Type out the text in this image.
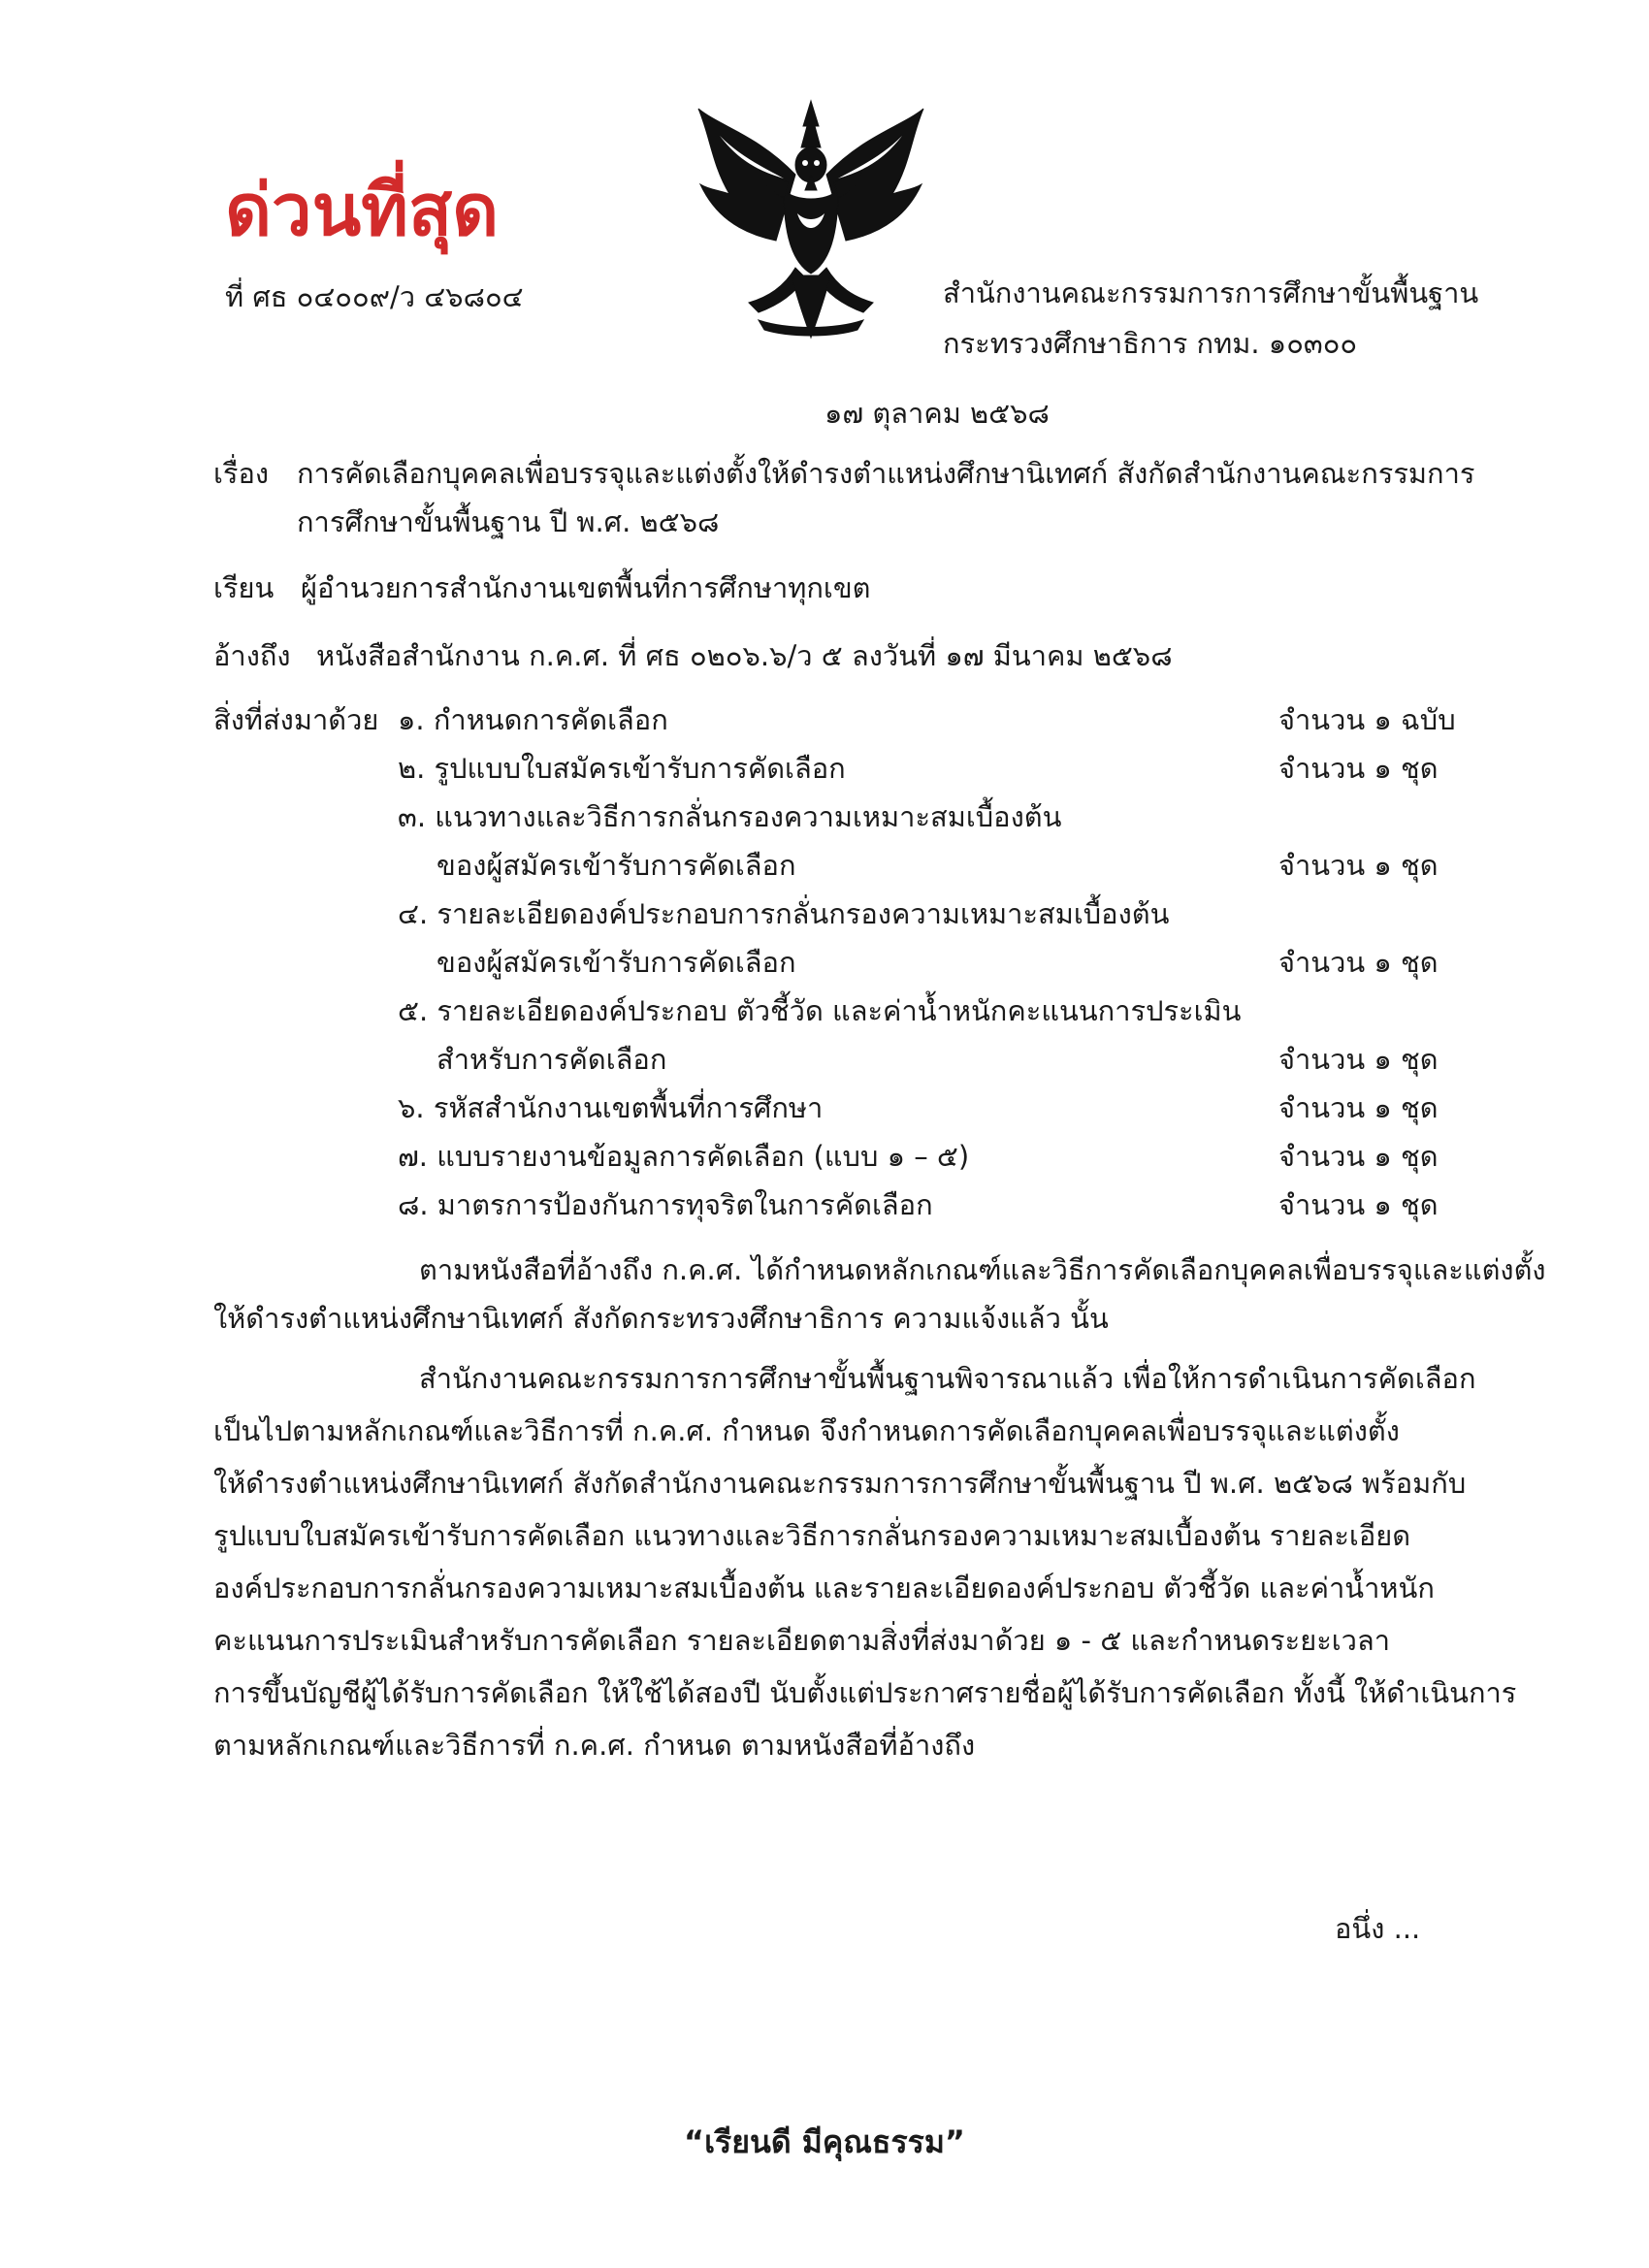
ด่วนที่สุด
ที่ ศธ ๐๔๐๐๙/ว ๔๖๘๐๔	สำนักงานคณะกรรมการการศึกษาขั้นพื้นฐาน
กระทรวงศึกษาธิการ กทม. ๑๐๓๐๐
๑๗ ตุลาคม ๒๕๖๘
เรื่อง การคัดเลือกบุคคลเพื่อบรรจุและแต่งตั้งให้ดำรงตำแหน่งศึกษานิเทศก์ สังกัดสำนักงานคณะกรรมการ
การศึกษาขั้นพื้นฐาน ปี พ.ศ. ๒๕๖๘
เรียน ผู้อำนวยการสำนักงานเขตพื้นที่การศึกษาทุกเขต
อ้างถึง หนังสือสำนักงาน ก.ค.ศ. ที่ ศธ ๐๒๐๖.๖/ว ๕ ลงวันที่ ๑๗ มีนาคม ๒๕๖๘
สิ่งที่ส่งมาด้วย ๑. กำหนดการคัดเลือก	จำนวน ๑ ฉบับ
๒. รูปแบบใบสมัครเข้ารับการคัดเลือก	จำนวน ๑ ชุด
๓. แนวทางและวิธีการกลั่นกรองความเหมาะสมเบื้องต้น
ของผู้สมัครเข้ารับการคัดเลือก	จำนวน ๑ ชุด
๔. รายละเอียดองค์ประกอบการกลั่นกรองความเหมาะสมเบื้องต้น
ของผู้สมัครเข้ารับการคัดเลือก	จำนวน ๑ ชุด
๕. รายละเอียดองค์ประกอบ ตัวชี้วัด และค่าน้ำหนักคะแนนการประเมิน
สำหรับการคัดเลือก	จำนวน ๑ ชุด
๖. รหัสสำนักงานเขตพื้นที่การศึกษา	จำนวน ๑ ชุด
๗. แบบรายงานข้อมูลการคัดเลือก (แบบ ๑ – ๕)	จำนวน ๑ ชุด
๘. มาตรการป้องกันการทุจริตในการคัดเลือก	จำนวน ๑ ชุด
ตามหนังสือที่อ้างถึง ก.ค.ศ. ได้กำหนดหลักเกณฑ์และวิธีการคัดเลือกบุคคลเพื่อบรรจุและแต่งตั้ง
ให้ดำรงตำแหน่งศึกษานิเทศก์ สังกัดกระทรวงศึกษาธิการ ความแจ้งแล้ว นั้น
สำนักงานคณะกรรมการการศึกษาขั้นพื้นฐานพิจารณาแล้ว เพื่อให้การดำเนินการคัดเลือก
เป็นไปตามหลักเกณฑ์และวิธีการที่ ก.ค.ศ. กำหนด จึงกำหนดการคัดเลือกบุคคลเพื่อบรรจุและแต่งตั้ง
ให้ดำรงตำแหน่งศึกษานิเทศก์ สังกัดสำนักงานคณะกรรมการการศึกษาขั้นพื้นฐาน ปี พ.ศ. ๒๕๖๘ พร้อมกับ
รูปแบบใบสมัครเข้ารับการคัดเลือก แนวทางและวิธีการกลั่นกรองความเหมาะสมเบื้องต้น รายละเอียด
องค์ประกอบการกลั่นกรองความเหมาะสมเบื้องต้น และรายละเอียดองค์ประกอบ ตัวชี้วัด และค่าน้ำหนัก
คะแนนการประเมินสำหรับการคัดเลือก รายละเอียดตามสิ่งที่ส่งมาด้วย ๑ - ๕ และกำหนดระยะเวลา
การขึ้นบัญชีผู้ได้รับการคัดเลือก ให้ใช้ได้สองปี นับตั้งแต่ประกาศรายชื่อผู้ได้รับการคัดเลือก ทั้งนี้ ให้ดำเนินการ
ตามหลักเกณฑ์และวิธีการที่ ก.ค.ศ. กำหนด ตามหนังสือที่อ้างถึง
อนึ่ง ...
“เรียนดี มีคุณธรรม”
